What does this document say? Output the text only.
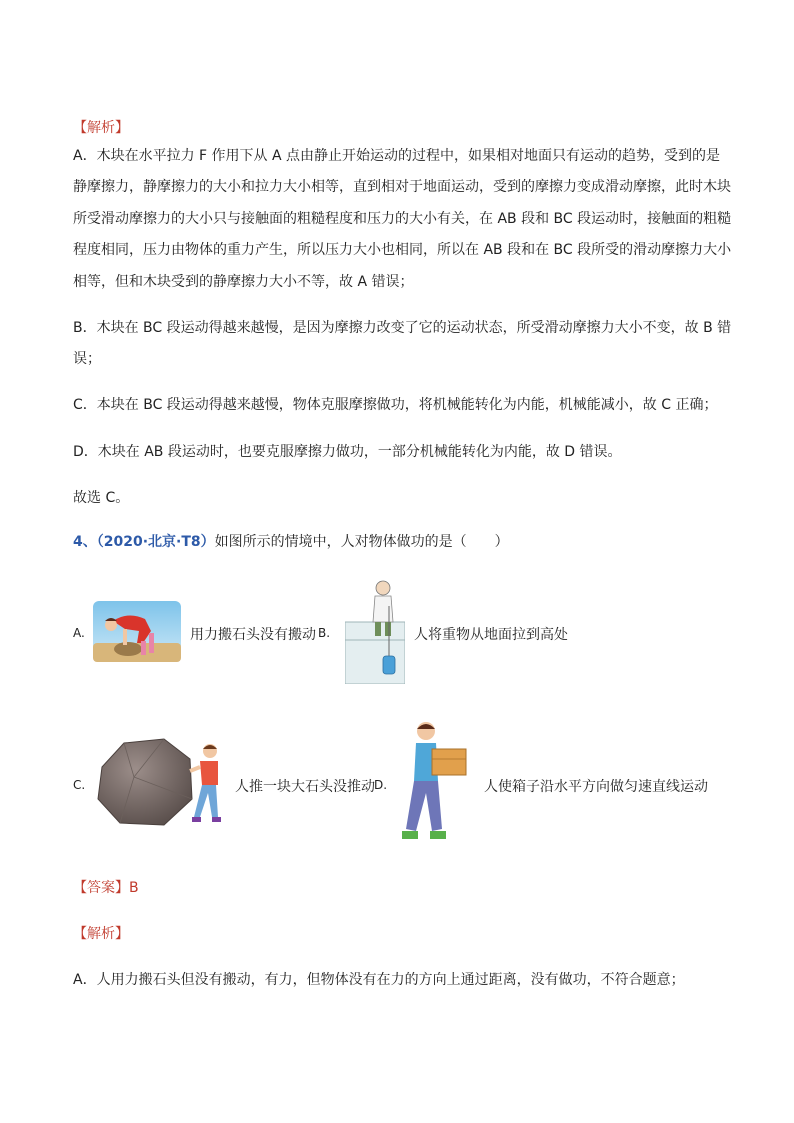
【解析】
A．木块在水平拉力 F 作用下从 A 点由静止开始运动的过程中，如果相对地面只有运动的趋势，受到的是
静摩擦力，静摩擦力的大小和拉力大小相等，直到相对于地面运动，受到的摩擦力变成滑动摩擦，此时木块
所受滑动摩擦力的大小只与接触面的粗糙程度和压力的大小有关，在 AB 段和 BC 段运动时，接触面的粗糙
程度相同，压力由物体的重力产生，所以压力大小也相同，所以在 AB 段和在 BC 段所受的滑动摩擦力大小
相等，但和木块受到的静摩擦力大小不等，故 A 错误；
B．木块在 BC 段运动得越来越慢，是因为摩擦力改变了它的运动状态，所受滑动摩擦力大小不变，故 B 错
误；
C．本块在 BC 段运动得越来越慢，物体克服摩擦做功，将机械能转化为内能，机械能减小，故 C 正确；
D．木块在 AB 段运动时，也要克服摩擦力做功，一部分机械能转化为内能，故 D 错误。
故选 C。
4、（2020·北京·T8）如图所示的情境中，人对物体做功的是（　　）
A.	用力搬石头没有搬动 B.	人将重物从地面拉到高处
C.	人推一块大石头没推动 D.	人使箱子沿水平方向做匀速直线运动
【答案】B
【解析】
A．人用力搬石头但没有搬动，有力，但物体没有在力的方向上通过距离，没有做功，不符合题意；
